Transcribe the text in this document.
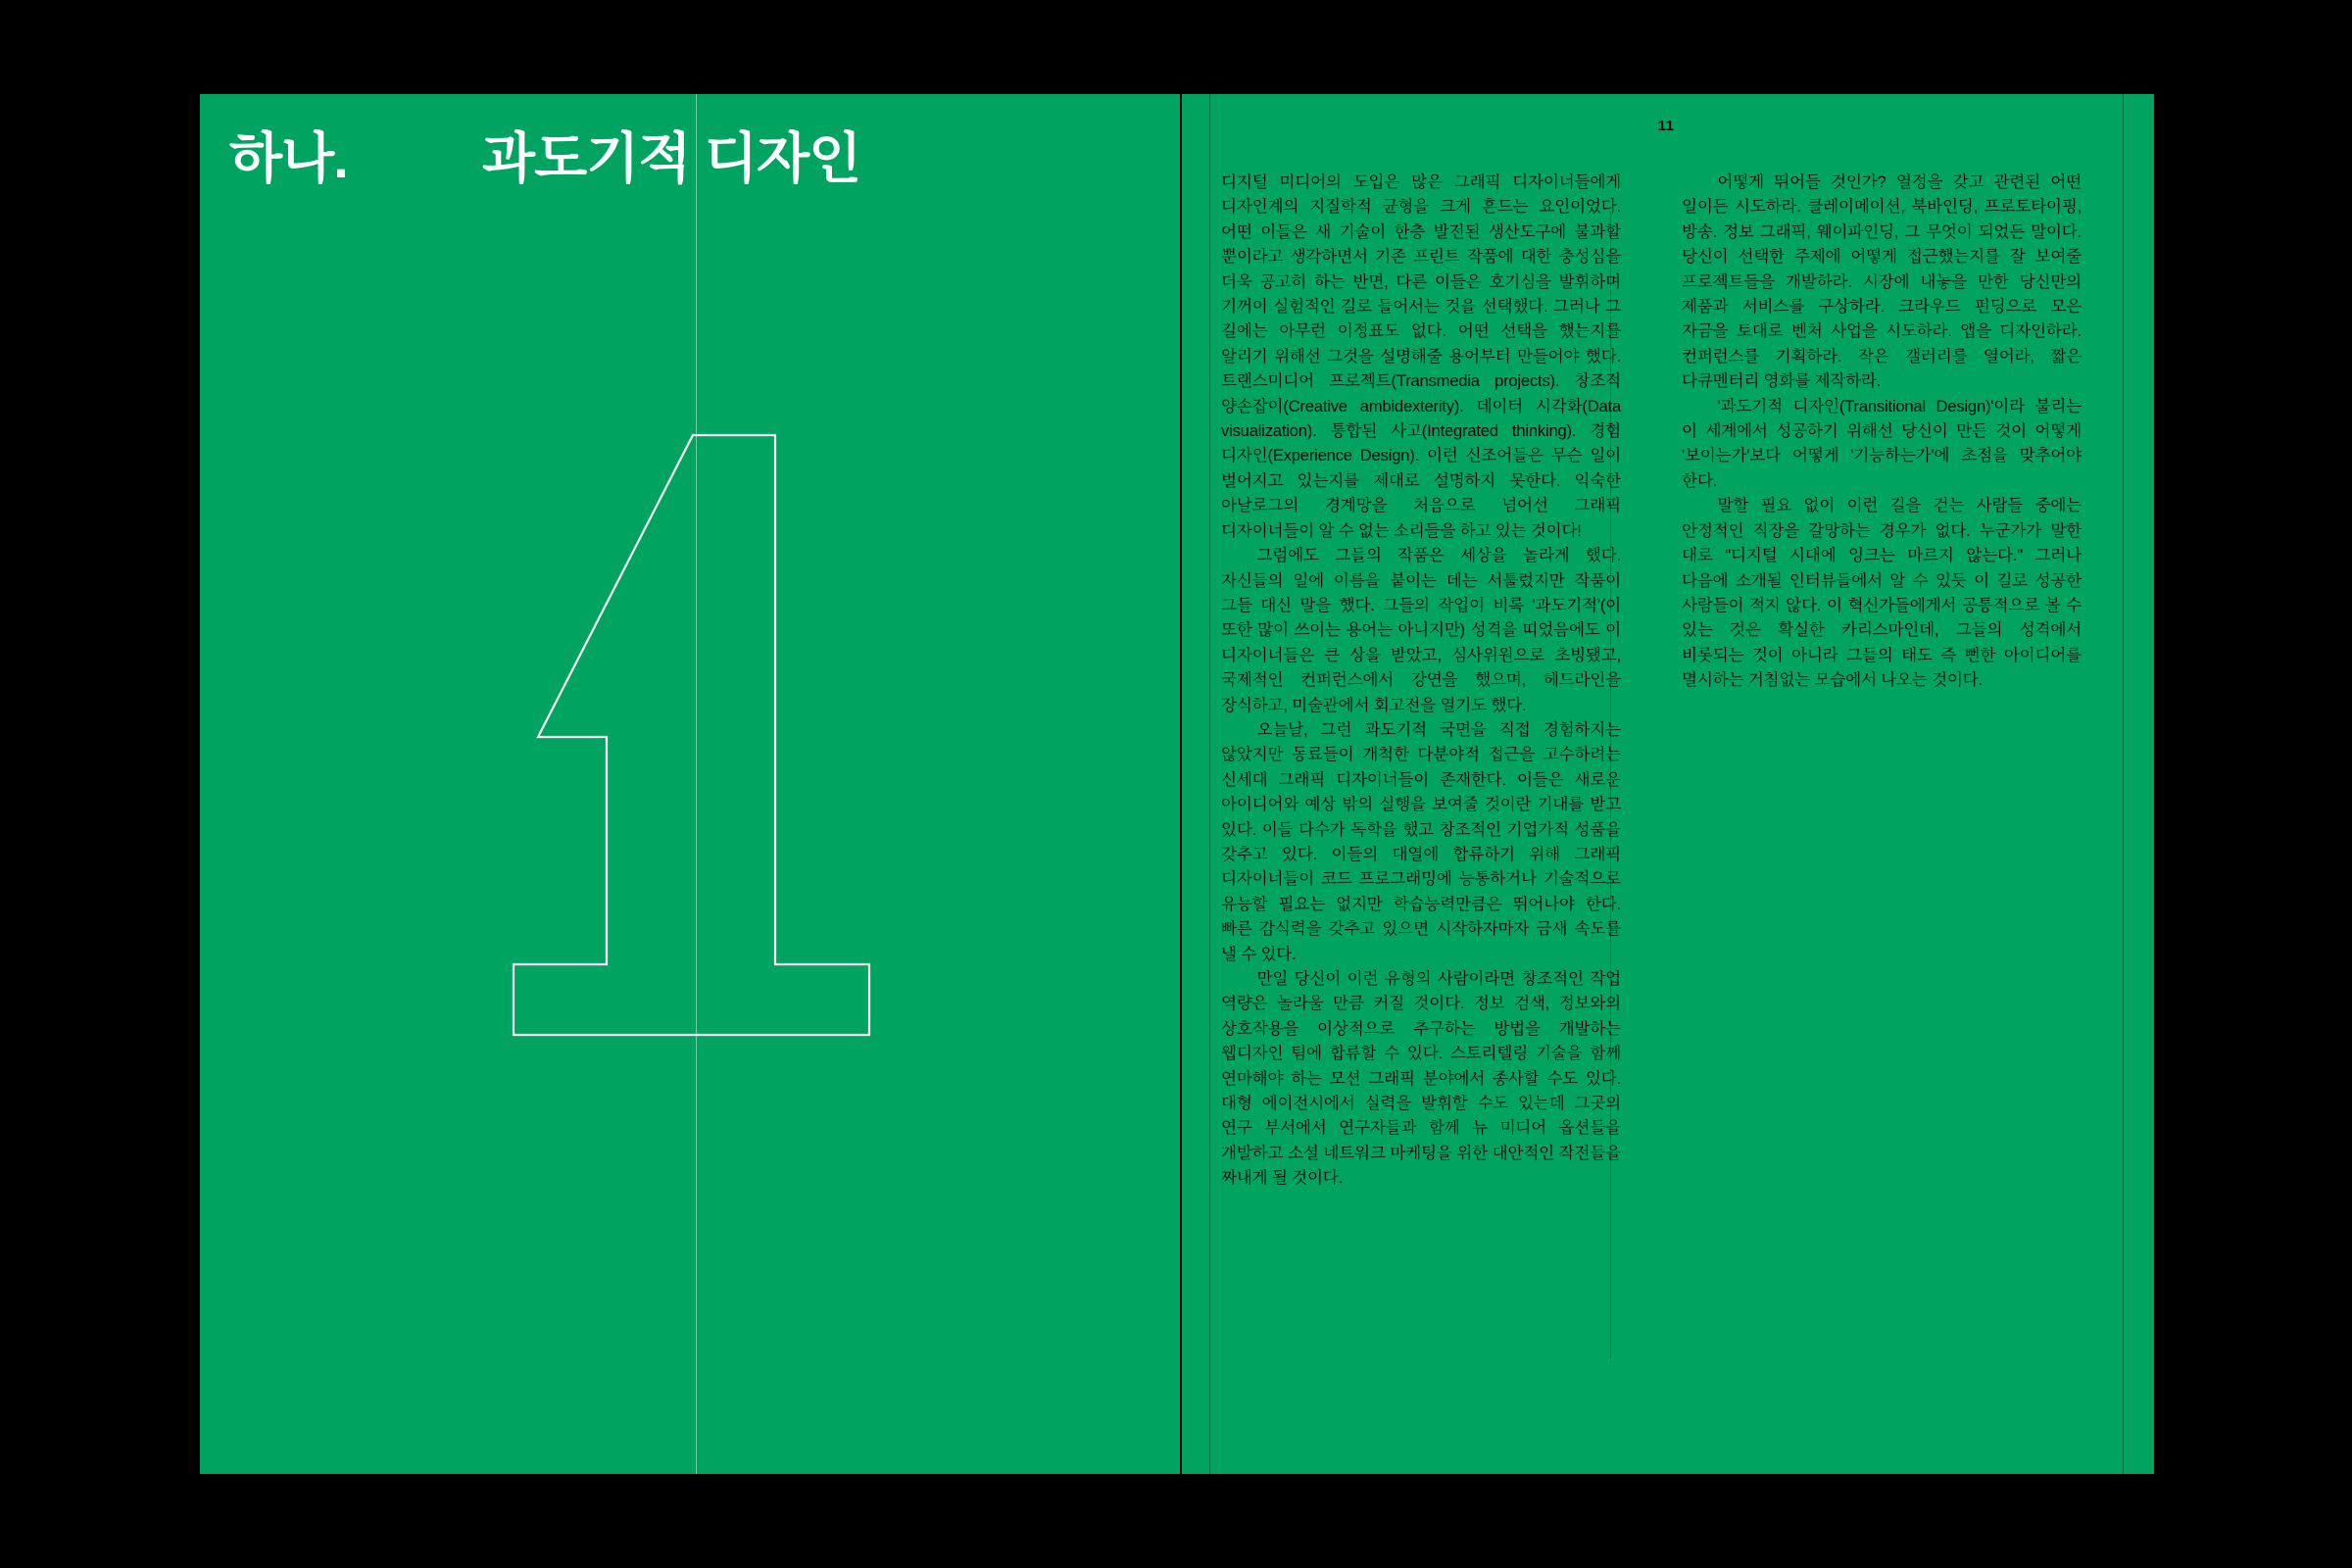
하나.	과도기적 디자인
11

디지털 미디어의 도입은 많은 그래픽 디자이너들에게 디자인계의 지질학적 균형을 크게 흔드는 요인이었다. 어떤 이들은 새 기술이 한층 발전된 생산도구에 불과할 뿐이라고 생각하면서 기존 프린트 작품에 대한 충성심을 더욱 공고히 하는 반면, 다른 이들은 호기심을 발휘하며 기꺼이 실험적인 길로 들어서는 것을 선택했다. 그러나 그 길에는 아무런 이정표도 없다. 어떤 선택을 했는지를 알리기 위해선 그것을 설명해줄 용어부터 만들어야 했다. 트랜스미디어 프로젝트(Transmedia projects). 창조적 양손잡이(Creative ambidexterity). 데이터 시각화(Data visualization). 통합된 사고(Integrated thinking). 경험 디자인(Experience Design). 이런 신조어들은 무슨 일이 벌어지고 있는지를 제대로 설명하지 못한다. 익숙한 아날로그의 경계망을 처음으로 넘어선 그래픽 디자이너들이 알 수 없는 소리들을 하고 있는 것이다!

그럼에도 그들의 작품은 세상을 놀라게 했다. 자신들의 일에 이름을 붙이는 데는 서툴렀지만 작품이 그들 대신 말을 했다. 그들의 작업이 비록 '과도기적'(이 또한 많이 쓰이는 용어는 아니지만) 성격을 띠었음에도 이 디자이너들은 큰 상을 받았고, 심사위원으로 초빙됐고, 국제적인 컨퍼런스에서 강연을 했으며, 헤드라인을 장식하고, 미술관에서 회고전을 열기도 했다.

오늘날, 그런 과도기적 국면을 직접 경험하지는 않았지만 동료들이 개척한 다분야적 접근을 고수하려는 신세대 그래픽 디자이너들이 존재한다. 이들은 새로운 아이디어와 예상 밖의 실행을 보여줄 것이란 기대를 받고 있다. 이들 다수가 독학을 했고 창조적인 기업가적 성품을 갖추고 있다. 이들의 대열에 합류하기 위해 그래픽 디자이너들이 코드 프로그래밍에 능통하거나 기술적으로 유능할 필요는 없지만 학습능력만큼은 뛰어나야 한다. 빠른 감식력을 갖추고 있으면 시작하자마자 금새 속도를 낼 수 있다.

만일 당신이 이런 유형의 사람이라면 창조적인 작업 역량은 놀라울 만큼 커질 것이다. 정보 검색, 정보와의 상호작용을 이상적으로 추구하는 방법을 개발하는 웹디자인 팀에 합류할 수 있다. 스토리텔링 기술을 함께 연마해야 하는 모션 그래픽 분야에서 종사할 수도 있다. 대형 에이전시에서 실력을 발휘할 수도 있는데 그곳의 연구 부서에서 연구자들과 함께 뉴 미디어 옵션들을 개발하고 소셜 네트워크 마케팅을 위한 대안적인 작전들을 짜내게 될 것이다.

어떻게 뛰어들 것인가? 열정을 갖고 관련된 어떤 일이든 시도하라. 클레이메이션, 북바인딩, 프로토타이핑, 방송. 정보 그래픽, 웨이파인딩, 그 무엇이 되었든 말이다. 당신이 선택한 주제에 어떻게 접근했는지를 잘 보여줄 프로젝트들을 개발하라. 시장에 내놓을 만한 당신만의 제품과 서비스를 구상하라. 크라우드 펀딩으로 모은 자금을 토대로 벤처 사업을 시도하라. 앱을 디자인하라. 컨퍼런스를 기획하라. 작은 갤러리를 열어라, 짧은 다큐멘터리 영화를 제작하라.

'과도기적 디자인(Transitional Design)'이라 불리는 이 세계에서 성공하기 위해선 당신이 만든 것이 어떻게 '보이는가'보다 어떻게 '기능하는가'에 초점을 맞추어야 한다.

말할 필요 없이 이런 길을 걷는 사람들 중에는 안정적인 직장을 갈망하는 경우가 없다. 누군가가 말한 대로 "디지털 시대에 잉크는 마르지 않는다." 그러나 다음에 소개될 인터뷰들에서 알 수 있듯 이 길로 성공한 사람들이 적지 않다. 이 혁신가들에게서 공통적으로 볼 수 있는 것은 확실한 카리스마인데, 그들의 성격에서 비롯되는 것이 아니라 그들의 태도 즉 뻔한 아이디어를 멸시하는 거침없는 모습에서 나오는 것이다.
